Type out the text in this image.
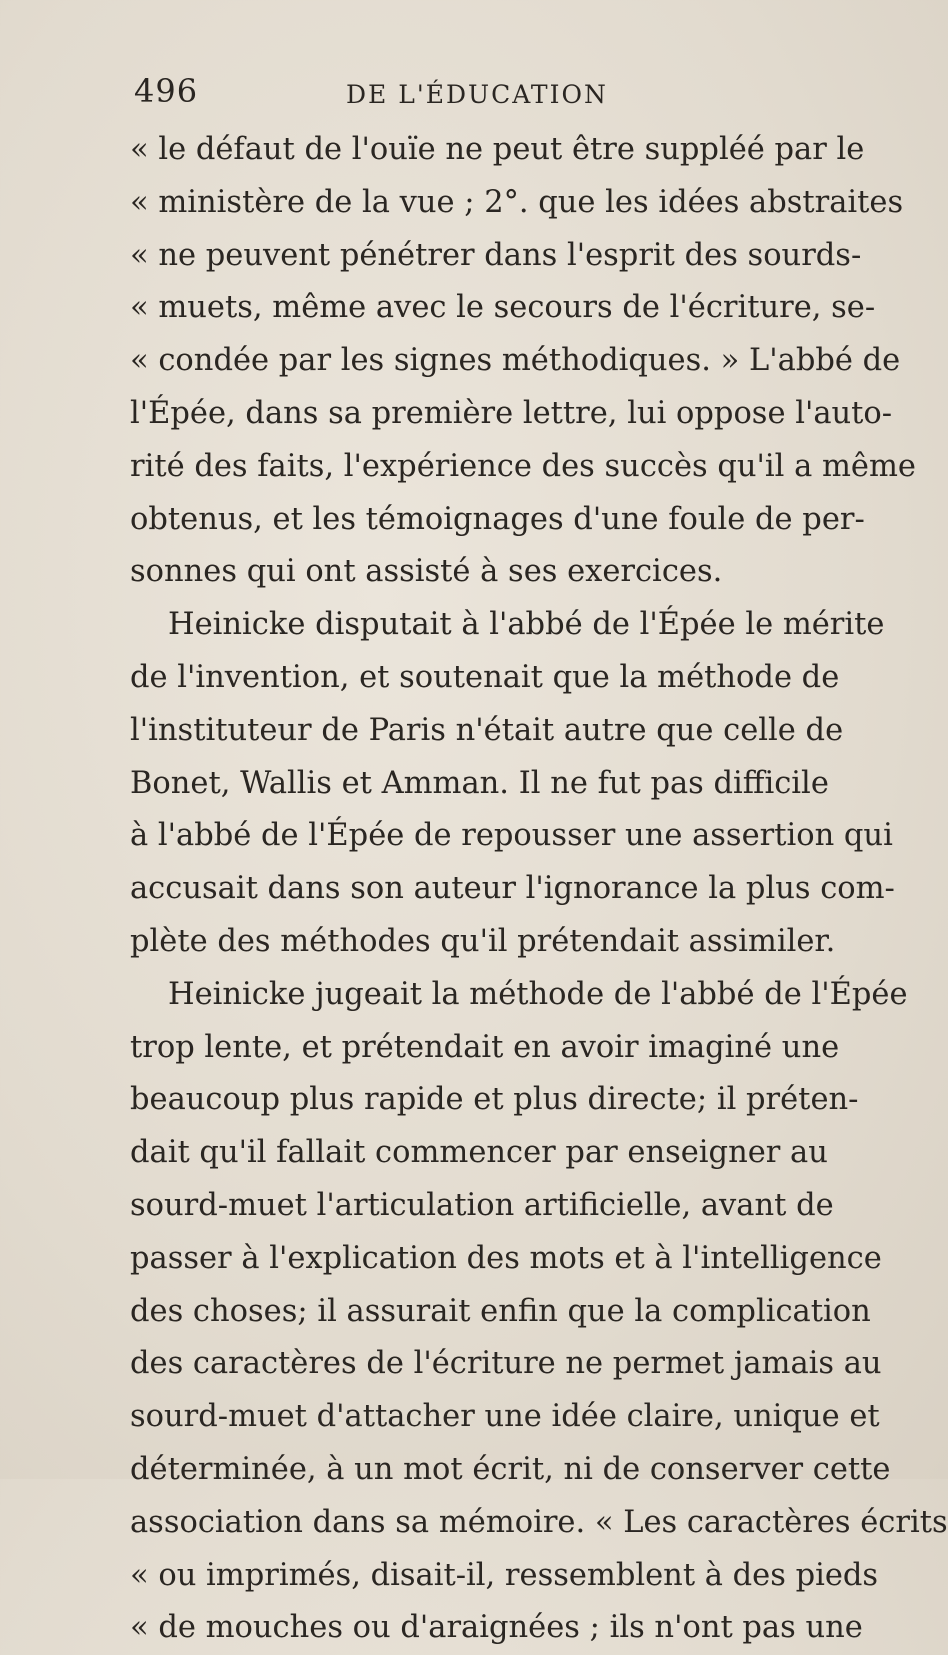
496	DE L'ÉDUCATION
« le défaut de l'ouïe ne peut être suppléé par le
« ministère de la vue ; 2°. que les idées abstraites
« ne peuvent pénétrer dans l'esprit des sourds-
« muets, même avec le secours de l'écriture, se-
« condée par les signes méthodiques. » L'abbé de
l'Épée, dans sa première lettre, lui oppose l'auto-
rité des faits, l'expérience des succès qu'il a même
obtenus, et les témoignages d'une foule de per-
sonnes qui ont assisté à ses exercices.
Heinicke disputait à l'abbé de l'Épée le mérite
de l'invention, et soutenait que la méthode de
l'instituteur de Paris n'était autre que celle de
Bonet, Wallis et Amman. Il ne fut pas difficile
à l'abbé de l'Épée de repousser une assertion qui
accusait dans son auteur l'ignorance la plus com-
plète des méthodes qu'il prétendait assimiler.
Heinicke jugeait la méthode de l'abbé de l'Épée
trop lente, et prétendait en avoir imaginé une
beaucoup plus rapide et plus directe; il préten-
dait qu'il fallait commencer par enseigner au
sourd-muet l'articulation artificielle, avant de
passer à l'explication des mots et à l'intelligence
des choses; il assurait enfin que la complication
des caractères de l'écriture ne permet jamais au
sourd-muet d'attacher une idée claire, unique et
déterminée, à un mot écrit, ni de conserver cette
association dans sa mémoire. « Les caractères écrits
« ou imprimés, disait-il, ressemblent à des pieds
« de mouches ou d'araignées ; ils n'ont pas une
